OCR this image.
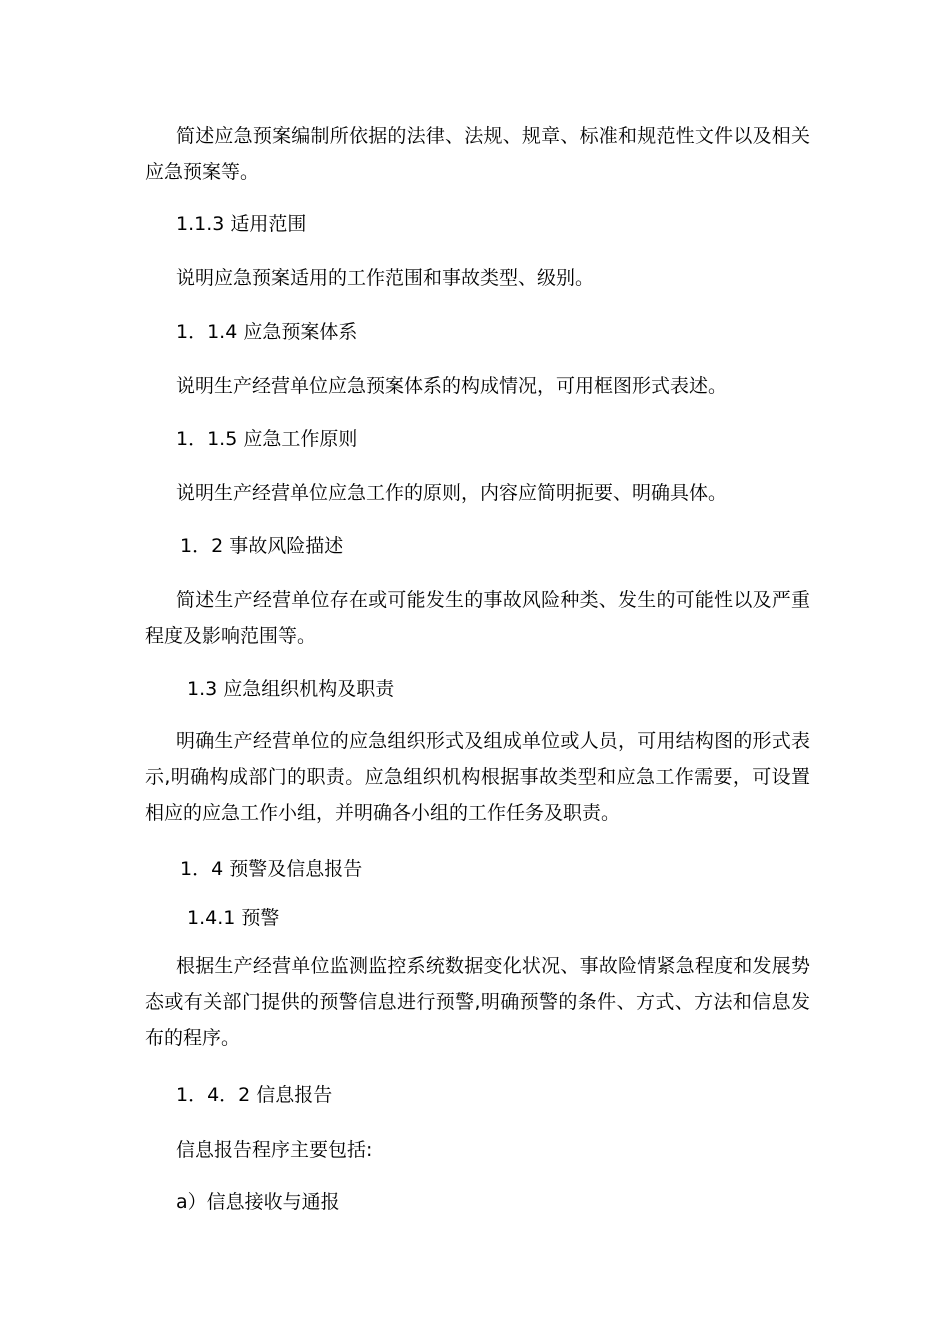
简述应急预案编制所依据的法律、法规、规章、标准和规范性文件以及相关应急预案等。
1.1.3 适用范围
说明应急预案适用的工作范围和事故类型、级别。
1．1.4 应急预案体系
说明生产经营单位应急预案体系的构成情况，可用框图形式表述。
1．1.5 应急工作原则
说明生产经营单位应急工作的原则，内容应简明扼要、明确具体。
1．2 事故风险描述
简述生产经营单位存在或可能发生的事故风险种类、发生的可能性以及严重程度及影响范围等。
1.3 应急组织机构及职责
明确生产经营单位的应急组织形式及组成单位或人员，可用结构图的形式表示,明确构成部门的职责。应急组织机构根据事故类型和应急工作需要，可设置相应的应急工作小组，并明确各小组的工作任务及职责。
1．4 预警及信息报告
1.4.1 预警
根据生产经营单位监测监控系统数据变化状况、事故险情紧急程度和发展势态或有关部门提供的预警信息进行预警,明确预警的条件、方式、方法和信息发布的程序。
1．4．2 信息报告
信息报告程序主要包括:
a）信息接收与通报
